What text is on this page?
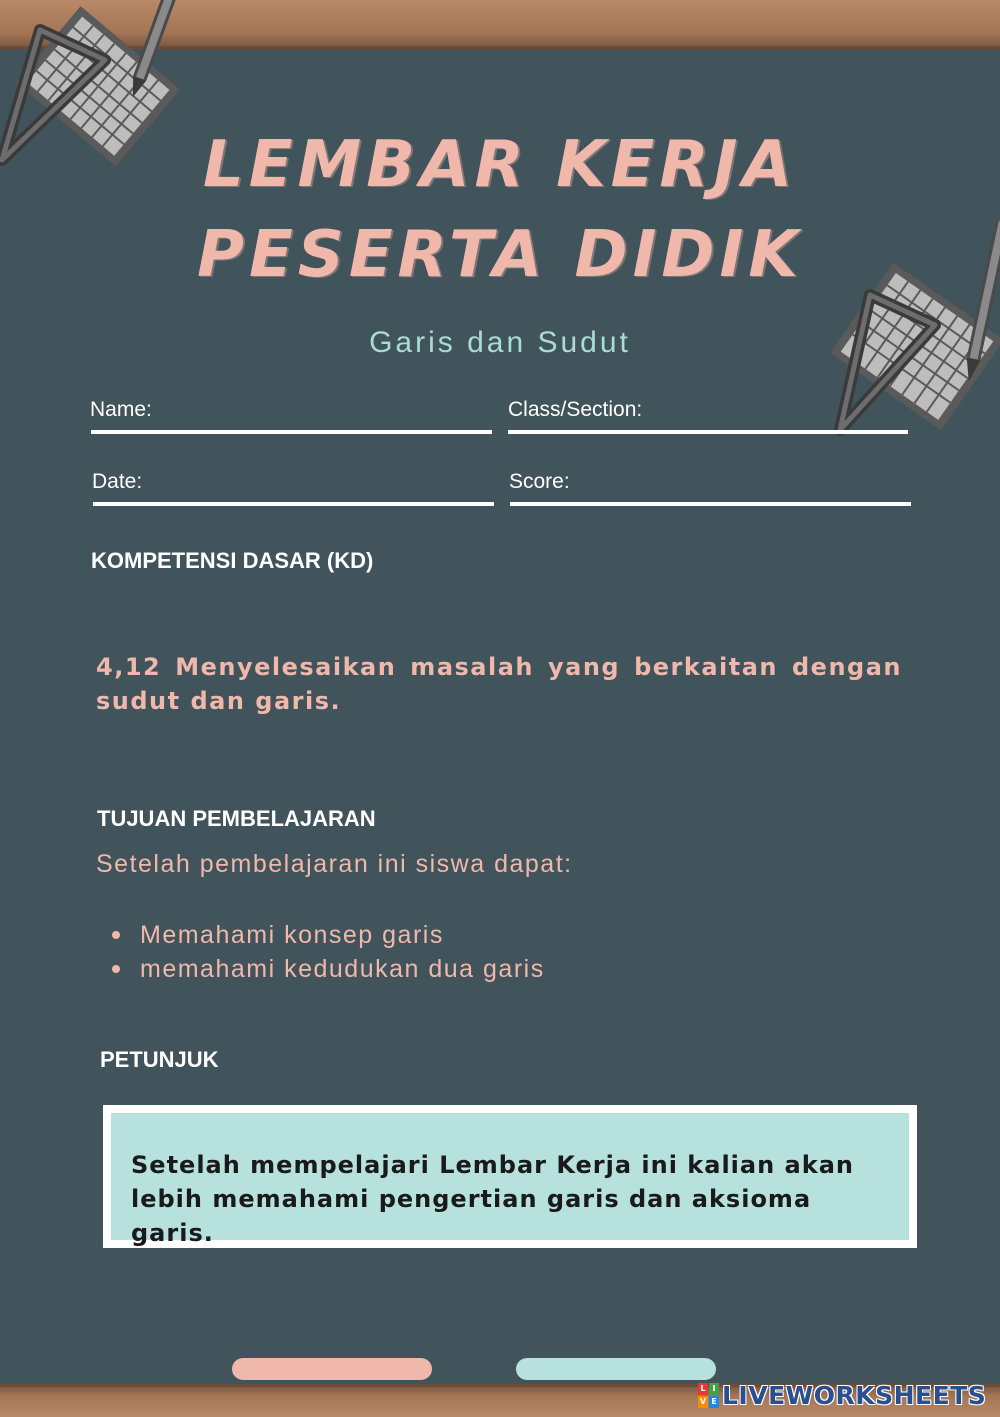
LEMBAR KERJA
PESERTA DIDIK
Garis dan Sudut
Name:	Class/Section:
Date:	Score:
KOMPETENSI DASAR (KD)
4,12 Menyelesaikan masalah yang berkaitan dengan sudut dan garis.
TUJUAN PEMBELAJARAN
Setelah pembelajaran ini siswa dapat:
Memahami konsep garis
memahami kedudukan dua garis
PETUNJUK
Setelah mempelajari Lembar Kerja ini kalian akan lebih memahami pengertian garis dan aksioma garis.
L I
V E LIVEWORKSHEETS
